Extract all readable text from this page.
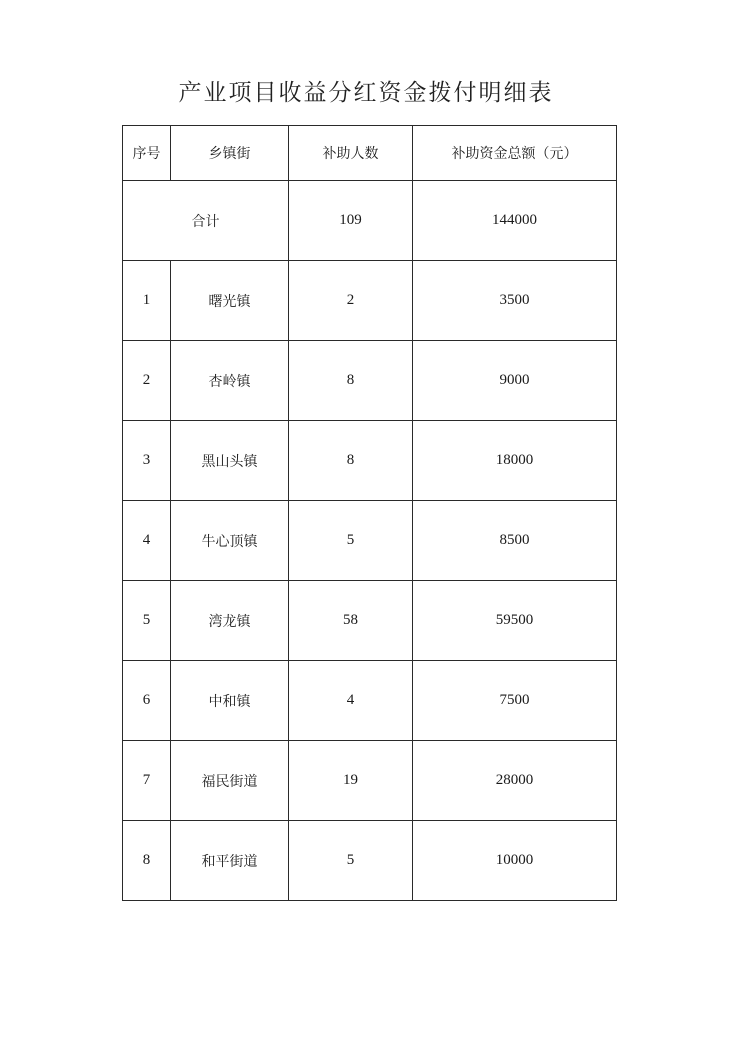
产业项目收益分红资金拨付明细表
序号	乡镇街	补助人数	补助资金总额（元）
合计		109	144000
1	曙光镇	2	3500
2	杏岭镇	8	9000
3	黑山头镇	8	18000
4	牛心顶镇	5	8500
5	湾龙镇	58	59500
6	中和镇	4	7500
7	福民街道	19	28000
8	和平街道	5	10000
